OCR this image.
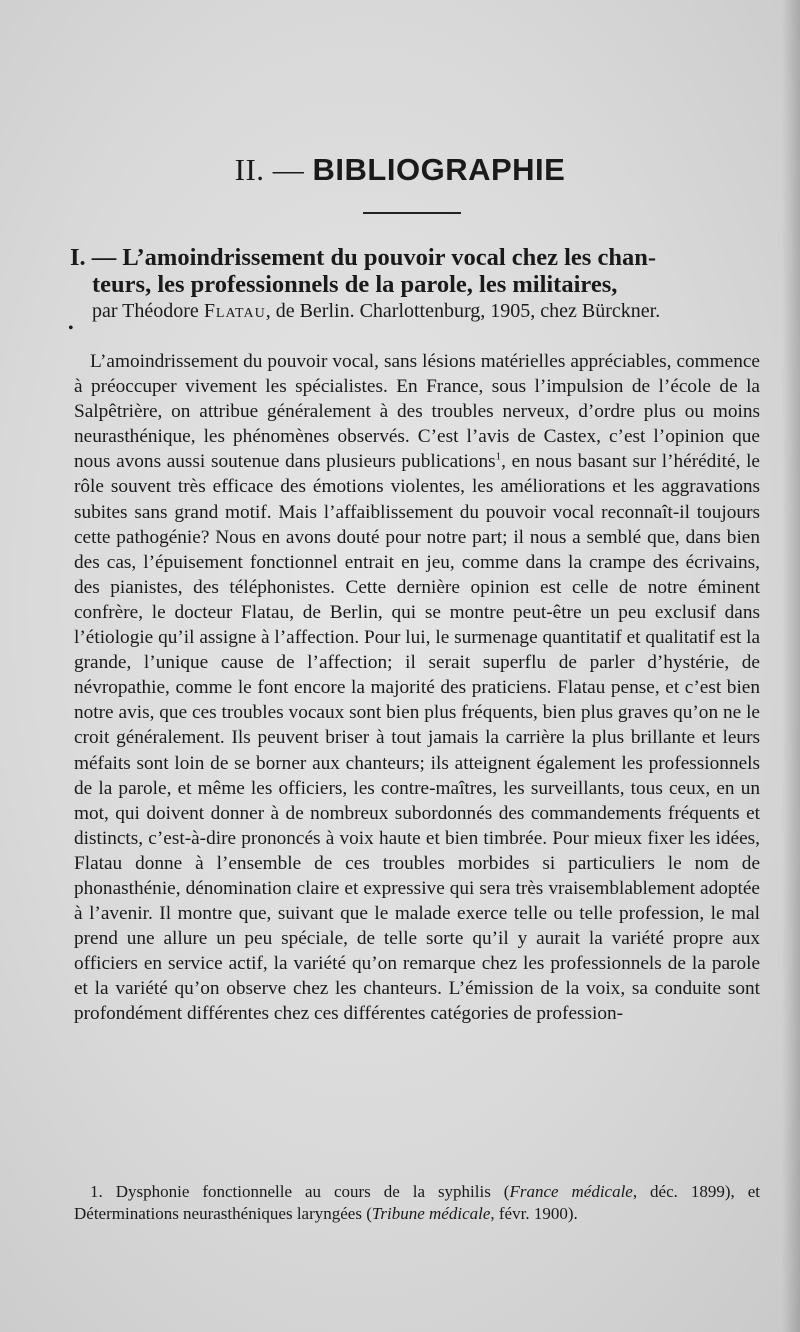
II. — BIBLIOGRAPHIE
I. — L’amoindrissement du pouvoir vocal chez les chan-
teurs, les professionnels de la parole, les militaires,
•
par Théodore Flatau, de Berlin. Charlottenburg, 1905, chez Bürckner.

L’amoindrissement du pouvoir vocal, sans lésions matérielles appréciables, commence à préoccuper vivement les spécialistes. En France, sous l’impulsion de l’école de la Salpêtrière, on attribue généralement à des troubles nerveux, d’ordre plus ou moins neurasthénique, les phénomènes observés. C’est l’avis de Castex, c’est l’opinion que nous avons aussi soutenue dans plusieurs publications$^1$, en nous basant sur l’hérédité, le rôle souvent très efficace des émotions violentes, les améliorations et les aggravations subites sans grand motif. Mais l’affaiblissement du pouvoir vocal reconnaît-il toujours cette pathogénie? Nous en avons douté pour notre part; il nous a semblé que, dans bien des cas, l’épuisement fonctionnel entrait en jeu, comme dans la crampe des écrivains, des pianistes, des téléphonistes. Cette dernière opinion est celle de notre éminent confrère, le docteur Flatau, de Berlin, qui se montre peut-être un peu exclusif dans l’étiologie qu’il assigne à l’affection. Pour lui, le surmenage quantitatif et qualitatif est la grande, l’unique cause de l’affection; il serait superflu de parler d’hystérie, de névropathie, comme le font encore la majorité des praticiens. Flatau pense, et c’est bien notre avis, que ces troubles vocaux sont bien plus fréquents, bien plus graves qu’on ne le croit généralement. Ils peuvent briser à tout jamais la carrière la plus brillante et leurs méfaits sont loin de se borner aux chanteurs; ils atteignent également les professionnels de la parole, et même les officiers, les contre-maîtres, les surveillants, tous ceux, en un mot, qui doivent donner à de nombreux subordonnés des commandements fréquents et distincts, c’est-à-dire prononcés à voix haute et bien timbrée. Pour mieux fixer les idées, Flatau donne à l’ensemble de ces troubles morbides si particuliers le nom de phonasthénie, dénomination claire et expressive qui sera très vraisemblablement adoptée à l’avenir. Il montre que, suivant que le malade exerce telle ou telle profession, le mal prend une allure un peu spéciale, de telle sorte qu’il y aurait la variété propre aux officiers en service actif, la variété qu’on remarque chez les professionnels de la parole et la variété qu’on observe chez les chanteurs. L’émission de la voix, sa conduite sont profondément différentes chez ces différentes catégories de profession-

1. Dysphonie fonctionnelle au cours de la syphilis (France médicale, déc. 1899), et Déterminations neurasthéniques laryngées (Tribune médicale, févr. 1900).
